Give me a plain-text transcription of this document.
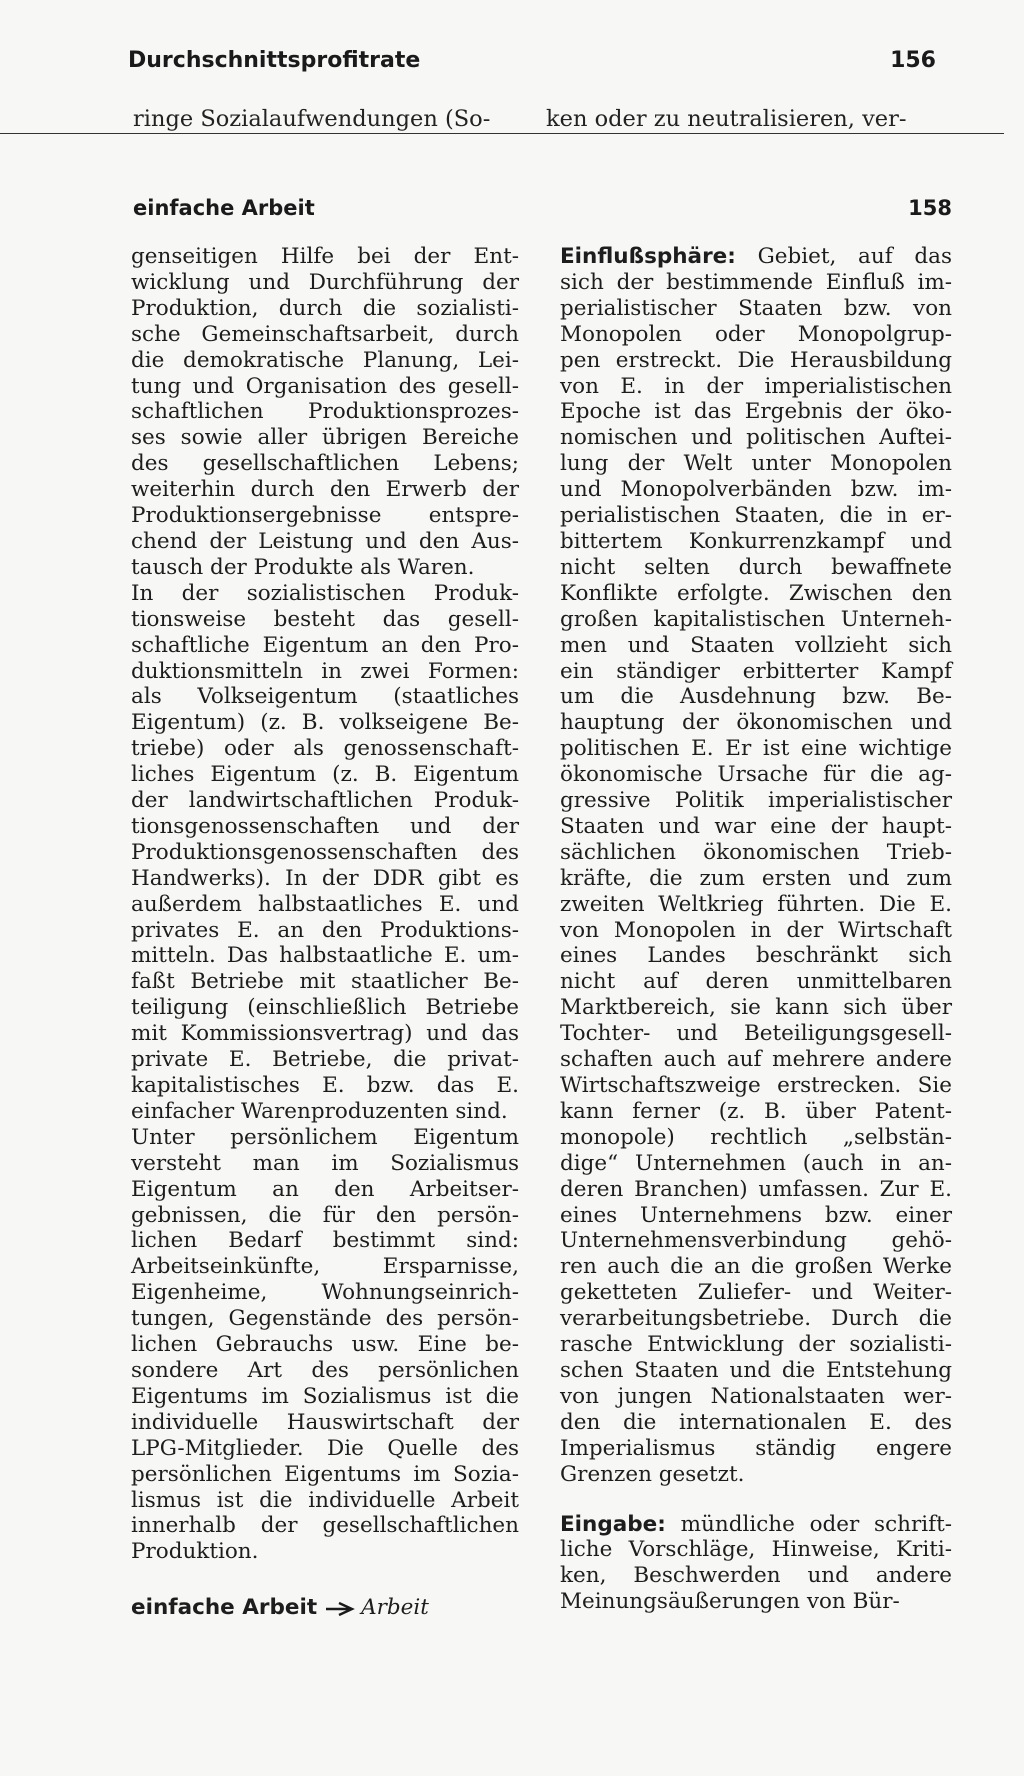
Durchschnittsprofitrate	156
ringe Sozialaufwendungen (So- ken oder zu neutralisieren, ver-
einfache Arbeit	158
genseitigen Hilfe bei der Ent-
wicklung und Durchführung der
Produktion, durch die sozialisti-
sche Gemeinschaftsarbeit, durch
die demokratische Planung, Lei-
tung und Organisation des gesell-
schaftlichen Produktionsprozes-
ses sowie aller übrigen Bereiche
des gesellschaftlichen Lebens;
weiterhin durch den Erwerb der
Produktionsergebnisse entspre-
chend der Leistung und den Aus-
tausch der Produkte als Waren.
In der sozialistischen Produk-
tionsweise besteht das gesell-
schaftliche Eigentum an den Pro-
duktionsmitteln in zwei Formen:
als Volkseigentum (staatliches
Eigentum) (z. B. volkseigene Be-
triebe) oder als genossenschaft-
liches Eigentum (z. B. Eigentum
der landwirtschaftlichen Produk-
tionsgenossenschaften und der
Produktionsgenossenschaften des
Handwerks). In der DDR gibt es
außerdem halbstaatliches E. und
privates E. an den Produktions-
mitteln. Das halbstaatliche E. um-
faßt Betriebe mit staatlicher Be-
teiligung (einschließlich Betriebe
mit Kommissionsvertrag) und das
private E. Betriebe, die privat-
kapitalistisches E. bzw. das E.
einfacher Warenproduzenten sind.
Unter persönlichem Eigentum
versteht man im Sozialismus
Eigentum an den Arbeitser-
gebnissen, die für den persön-
lichen Bedarf bestimmt sind:
Arbeitseinkünfte, Ersparnisse,
Eigenheime, Wohnungseinrich-
tungen, Gegenstände des persön-
lichen Gebrauchs usw. Eine be-
sondere Art des persönlichen
Eigentums im Sozialismus ist die
individuelle Hauswirtschaft der
LPG-Mitglieder. Die Quelle des
persönlichen Eigentums im Sozia-
lismus ist die individuelle Arbeit
innerhalb der gesellschaftlichen
Produktion.
einfache Arbeit Arbeit
Einflußsphäre: Gebiet, auf das
sich der bestimmende Einfluß im-
perialistischer Staaten bzw. von
Monopolen oder Monopolgrup-
pen erstreckt. Die Herausbildung
von E. in der imperialistischen
Epoche ist das Ergebnis der öko-
nomischen und politischen Auftei-
lung der Welt unter Monopolen
und Monopolverbänden bzw. im-
perialistischen Staaten, die in er-
bittertem Konkurrenzkampf und
nicht selten durch bewaffnete
Konflikte erfolgte. Zwischen den
großen kapitalistischen Unterneh-
men und Staaten vollzieht sich
ein ständiger erbitterter Kampf
um die Ausdehnung bzw. Be-
hauptung der ökonomischen und
politischen E. Er ist eine wichtige
ökonomische Ursache für die ag-
gressive Politik imperialistischer
Staaten und war eine der haupt-
sächlichen ökonomischen Trieb-
kräfte, die zum ersten und zum
zweiten Weltkrieg führten. Die E.
von Monopolen in der Wirtschaft
eines Landes beschränkt sich
nicht auf deren unmittelbaren
Marktbereich, sie kann sich über
Tochter- und Beteiligungsgesell-
schaften auch auf mehrere andere
Wirtschaftszweige erstrecken. Sie
kann ferner (z. B. über Patent-
monopole) rechtlich „selbstän-
dige“ Unternehmen (auch in an-
deren Branchen) umfassen. Zur E.
eines Unternehmens bzw. einer
Unternehmensverbindung gehö-
ren auch die an die großen Werke
geketteten Zuliefer- und Weiter-
verarbeitungsbetriebe. Durch die
rasche Entwicklung der sozialisti-
schen Staaten und die Entstehung
von jungen Nationalstaaten wer-
den die internationalen E. des
Imperialismus ständig engere
Grenzen gesetzt.
Eingabe: mündliche oder schrift-
liche Vorschläge, Hinweise, Kriti-
ken, Beschwerden und andere
Meinungsäußerungen von Bür-
